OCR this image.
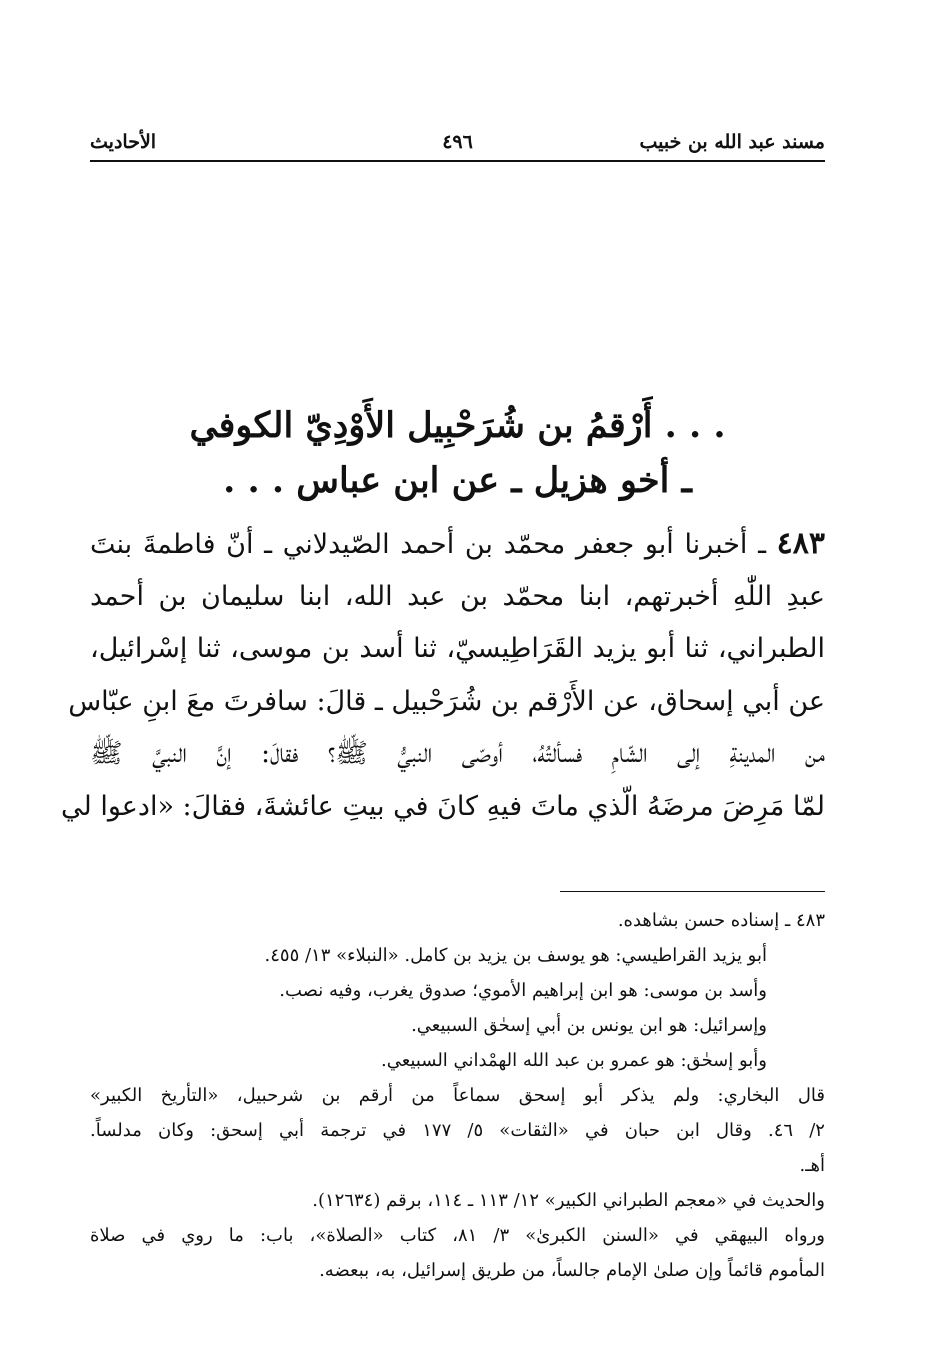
مسند عبد الله بن خبيب
٤٩٦
الأحاديث
. . . أَرْقمُ بن شُرَحْبِيل الأَوْدِيّ الكوفي
ـ أخو هزيل ـ عن ابن عباس . . .
٤٨٣ ـ أخبرنا أبو جعفر محمّد بن أحمد الصّيدلاني ـ أنّ فاطمةَ بنتَ
عبدِ اللّٰهِ أخبرتهم، ابنا محمّد بن عبد الله، ابنا سليمان بن أحمد
الطبراني، ثنا أبو يزيد القَرَاطِيسيّ، ثنا أسد بن موسى، ثنا إسْرائيل،
عن أبي إسحاق، عن الأَرْقم بن شُرَحْبيل ـ قالَ: سافرتَ معَ ابنِ عبّاس
من المدينةِ إلى الشّامِ فسألتُهُ، أوصّى النبيُّ ﷺ؟ فقالَ: إنَّ النبيَّ ﷺ
لمّا مَرِضَ مرضَهُ الّذي ماتَ فيهِ كانَ في بيتِ عائشةَ، فقالَ: «ادعوا لي
٤٨٣ ـ إسناده حسن بشاهده.
أبو يزيد القراطيسي: هو يوسف بن يزيد بن كامل. «النبلاء» ١٣/ ٤٥٥.
وأسد بن موسى: هو ابن إبراهيم الأموي؛ صدوق يغرب، وفيه نصب.
وإسرائيل: هو ابن يونس بن أبي إسحٰق السبيعي.
وأبو إسحٰق: هو عمرو بن عبد الله الهمْداني السبيعي.
قال البخاري: ولم يذكر أبو إسحق سماعاً من أرقم بن شرحبيل، «التأريخ الكبير»
٢/ ٤٦. وقال ابن حبان في «الثقات» ٥/ ١٧٧ في ترجمة أبي إسحق: وكان مدلساً.
أهـ.
والحديث في «معجم الطبراني الكبير» ١٢/ ١١٣ ـ ١١٤، برقم (١٢٦٣٤).
ورواه البيهقي في «السنن الكبرىٰ» ٣/ ٨١، كتاب «الصلاة»، باب: ما روي في صلاة
المأموم قائماً وإن صلىٰ الإمام جالساً، من طريق إسرائيل، به، ببعضه.
